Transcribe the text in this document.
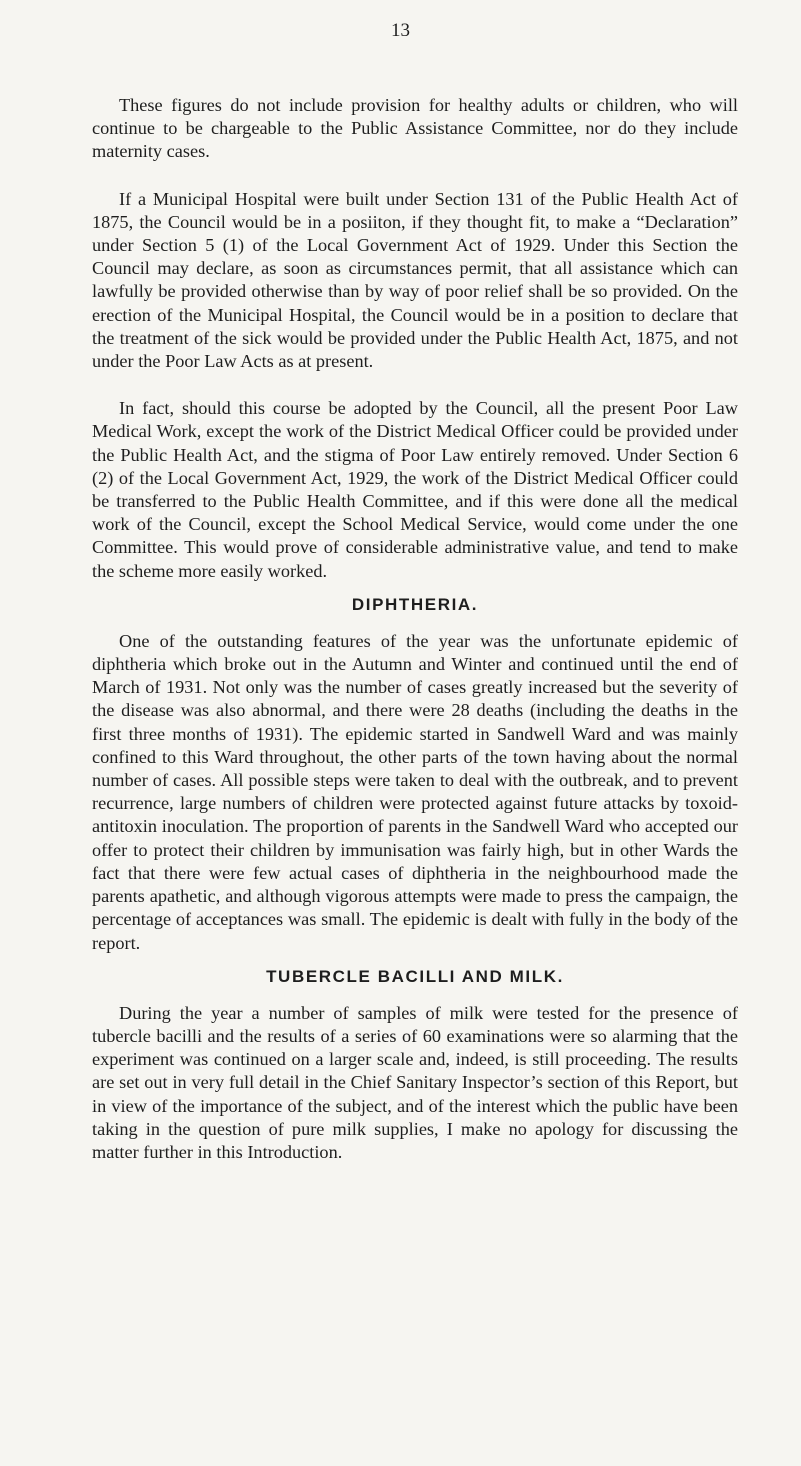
13

These figures do not include provision for healthy adults or children, who will continue to be chargeable to the Public Assistance Committee, nor do they include maternity cases.

If a Municipal Hospital were built under Section 131 of the Public Health Act of 1875, the Council would be in a posiiton, if they thought fit, to make a “Declaration” under Section 5 (1) of the Local Government Act of 1929. Under this Section the Council may declare, as soon as circumstances permit, that all assistance which can lawfully be provided otherwise than by way of poor relief shall be so provided. On the erection of the Municipal Hospital, the Council would be in a position to declare that the treatment of the sick would be provided under the Public Health Act, 1875, and not under the Poor Law Acts as at present.

In fact, should this course be adopted by the Council, all the present Poor Law Medical Work, except the work of the District Medical Officer could be provided under the Public Health Act, and the stigma of Poor Law entirely removed. Under Section 6 (2) of the Local Government Act, 1929, the work of the District Medical Officer could be transferred to the Public Health Committee, and if this were done all the medical work of the Council, except the School Medical Service, would come under the one Committee. This would prove of considerable administrative value, and tend to make the scheme more easily worked.

DIPHTHERIA.

One of the outstanding features of the year was the unfortunate epidemic of diphtheria which broke out in the Autumn and Winter and continued until the end of March of 1931. Not only was the number of cases greatly increased but the severity of the disease was also abnormal, and there were 28 deaths (including the deaths in the first three months of 1931). The epidemic started in Sandwell Ward and was mainly confined to this Ward throughout, the other parts of the town having about the normal number of cases. All possible steps were taken to deal with the outbreak, and to prevent recurrence, large numbers of children were protected against future attacks by toxoid-antitoxin inoculation. The proportion of parents in the Sandwell Ward who accepted our offer to protect their children by immunisation was fairly high, but in other Wards the fact that there were few actual cases of diphtheria in the neighbourhood made the parents apathetic, and although vigorous attempts were made to press the campaign, the percentage of acceptances was small. The epidemic is dealt with fully in the body of the report.

TUBERCLE BACILLI AND MILK.

During the year a number of samples of milk were tested for the presence of tubercle bacilli and the results of a series of 60 examinations were so alarming that the experiment was continued on a larger scale and, indeed, is still proceeding. The results are set out in very full detail in the Chief Sanitary Inspector’s section of this Report, but in view of the importance of the subject, and of the interest which the public have been taking in the question of pure milk supplies, I make no apology for discussing the matter further in this Introduction.
